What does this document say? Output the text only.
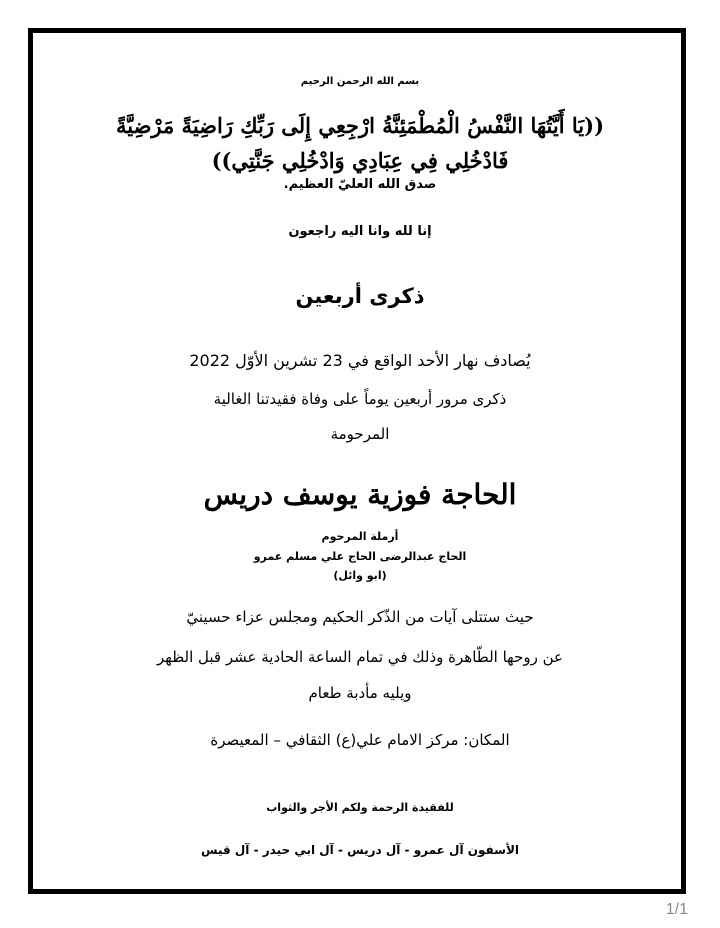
بسم الله الرحمن الرحيم
((يَا أَيَّتُهَا النَّفْسُ الْمُطْمَئِنَّةُ ارْجِعِي إِلَى رَبِّكِ رَاضِيَةً مَرْضِيَّةً
فَادْخُلِي فِي عِبَادِي وَادْخُلِي جَنَّتِي))
صدق الله العليّ العظيم.
إنا لله وانا اليه راجعون
ذكرى أربعين
يُصادف نهار الأحد الواقع في 23 تشرين الأوّل 2022
ذكرى مرور أربعين يوماً على وفاة فقيدتنا الغالية
المرحومة
الحاجة فوزية يوسف دريس
أرملة المرحوم
الحاج عبدالرضى الحاج علي مسلم عمرو
(ابو وائل)
حيث ستتلى آيات من الذّكر الحكيم ومجلس عزاء حسينيّ
عن روحها الطّاهرة وذلك في تمام الساعة الحادية عشر قبل الظهر
ويليه مأدبة طعام
المكان: مركز الامام علي(ع) الثقافي – المعيصرة
للفقيدة الرحمة ولكم الأجر والثواب
الأسفون آل عمرو - آل دريس - آل ابي حيدر - آل قيس
1/1
